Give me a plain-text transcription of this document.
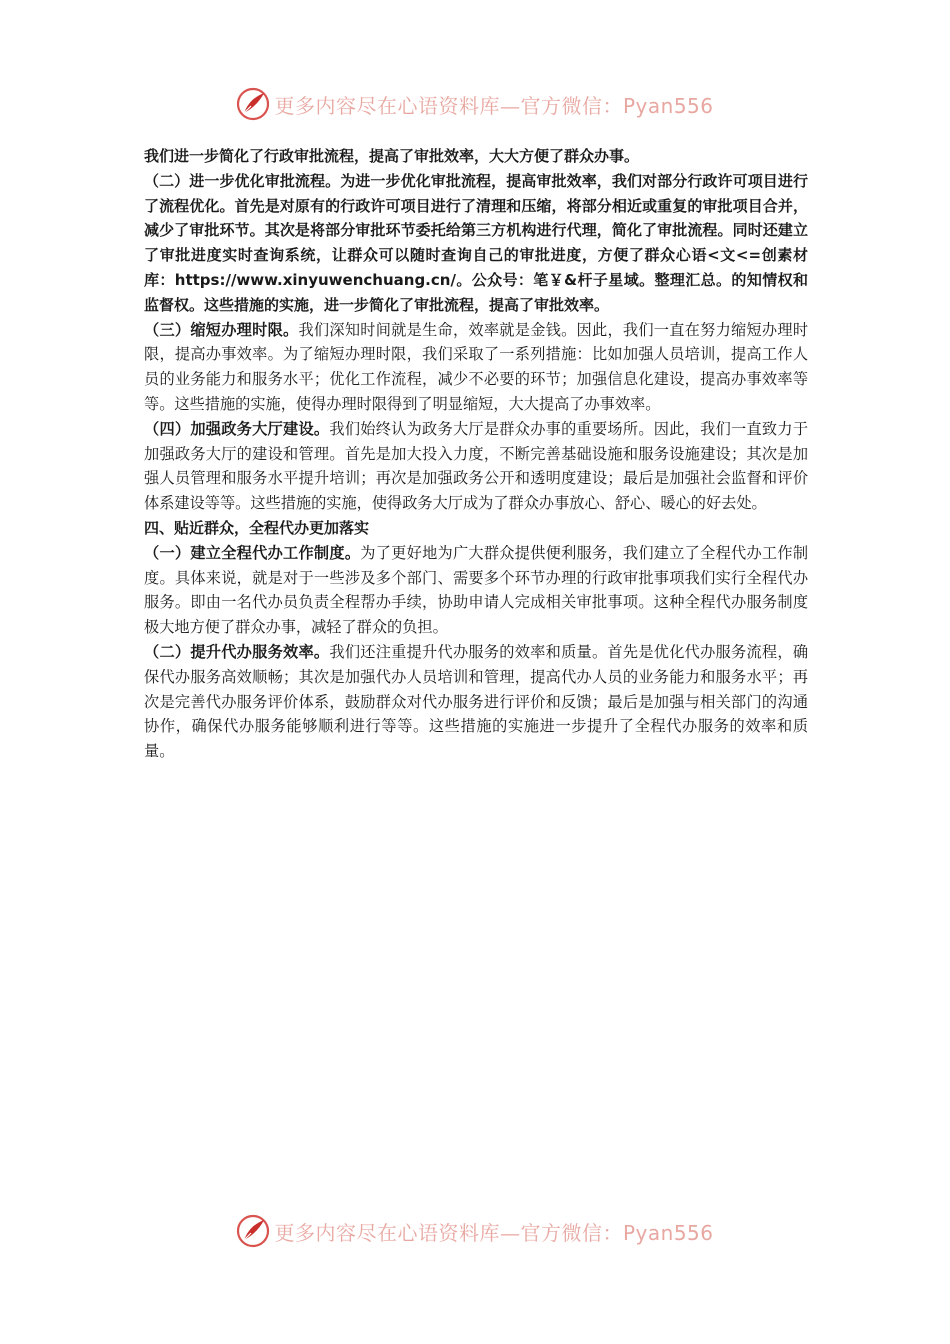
更多内容尽在心语资料库—官方微信：Pyan556

我们进一步简化了行政审批流程，提高了审批效率，大大方便了群众办事。

（二）进一步优化审批流程。为进一步优化审批流程，提高审批效率，我们对部分行政许可项目进行了流程优化。首先是对原有的行政许可项目进行了清理和压缩，将部分相近或重复的审批项目合并，减少了审批环节。其次是将部分审批环节委托给第三方机构进行代理，简化了审批流程。同时还建立了审批进度实时查询系统，让群众可以随时查询自己的审批进度，方便了群众心语<文<=创素材库：https://www.xinyuwenchuang.cn/。公众号：笔￥&杆子星域。整理汇总。的知情权和监督权。这些措施的实施，进一步简化了审批流程，提高了审批效率。

（三）缩短办理时限。我们深知时间就是生命，效率就是金钱。因此，我们一直在努力缩短办理时限，提高办事效率。为了缩短办理时限，我们采取了一系列措施：比如加强人员培训，提高工作人员的业务能力和服务水平；优化工作流程，减少不必要的环节；加强信息化建设，提高办事效率等等。这些措施的实施，使得办理时限得到了明显缩短，大大提高了办事效率。

（四）加强政务大厅建设。我们始终认为政务大厅是群众办事的重要场所。因此，我们一直致力于加强政务大厅的建设和管理。首先是加大投入力度，不断完善基础设施和服务设施建设；其次是加强人员管理和服务水平提升培训；再次是加强政务公开和透明度建设；最后是加强社会监督和评价体系建设等等。这些措施的实施，使得政务大厅成为了群众办事放心、舒心、暖心的好去处。

四、贴近群众，全程代办更加落实

（一）建立全程代办工作制度。为了更好地为广大群众提供便利服务，我们建立了全程代办工作制度。具体来说，就是对于一些涉及多个部门、需要多个环节办理的行政审批事项我们实行全程代办服务。即由一名代办员负责全程帮办手续，协助申请人完成相关审批事项。这种全程代办服务制度极大地方便了群众办事，减轻了群众的负担。

（二）提升代办服务效率。我们还注重提升代办服务的效率和质量。首先是优化代办服务流程，确保代办服务高效顺畅；其次是加强代办人员培训和管理，提高代办人员的业务能力和服务水平；再次是完善代办服务评价体系，鼓励群众对代办服务进行评价和反馈；最后是加强与相关部门的沟通协作，确保代办服务能够顺利进行等等。这些措施的实施进一步提升了全程代办服务的效率和质量。

更多内容尽在心语资料库—官方微信：Pyan556
